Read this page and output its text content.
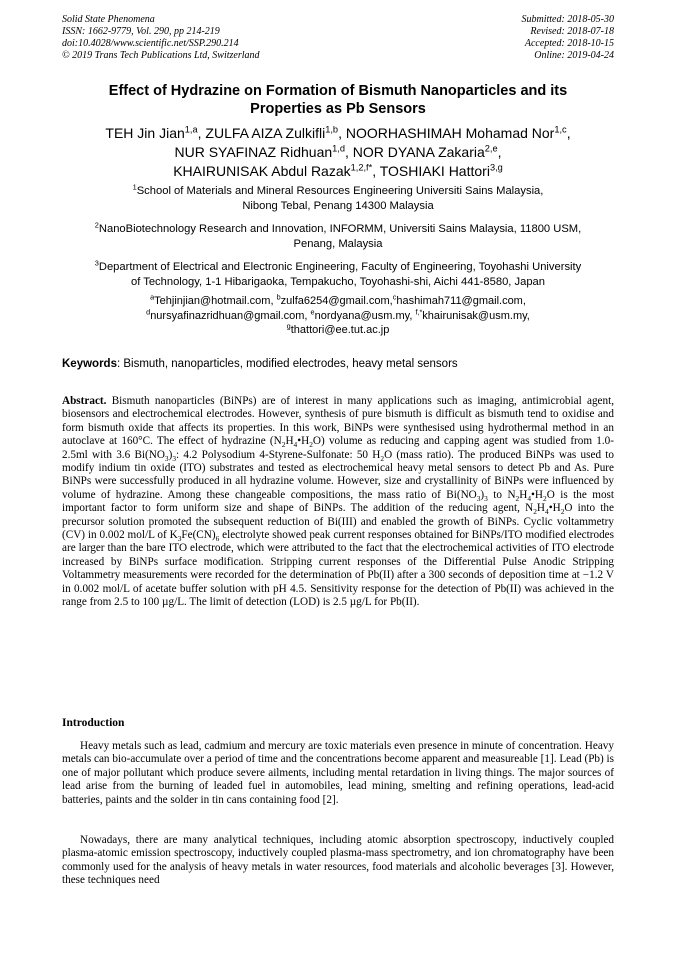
Solid State Phenomena
ISSN: 1662-9779, Vol. 290, pp 214-219
doi:10.4028/www.scientific.net/SSP.290.214
© 2019 Trans Tech Publications Ltd, Switzerland
Submitted: 2018-05-30
Revised: 2018-07-18
Accepted: 2018-10-15
Online: 2019-04-24
Effect of Hydrazine on Formation of Bismuth Nanoparticles and its
Properties as Pb Sensors
TEH Jin Jian$^{1,a}$, ZULFA AIZA Zulkifli$^{1,b}$, NOORHASHIMAH Mohamad Nor$^{1,c}$,
NUR SYAFINAZ Ridhuan$^{1,d}$, NOR DYANA Zakaria$^{2,e}$,
KHAIRUNISAK Abdul Razak$^{1,2,f*}$, TOSHIAKI Hattori$^{3,g}$
$^1$School of Materials and Mineral Resources Engineering Universiti Sains Malaysia,
Nibong Tebal, Penang 14300 Malaysia
$^2$NanoBiotechnology Research and Innovation, INFORMM, Universiti Sains Malaysia, 11800 USM,
Penang, Malaysia
$^3$Department of Electrical and Electronic Engineering, Faculty of Engineering, Toyohashi University
of Technology, 1-1 Hibarigaoka, Tempakucho, Toyohashi-shi, Aichi 441-8580, Japan
$^a$Tehjinjian@hotmail.com, $^b$zulfa6254@gmail.com,$^c$hashimah711@gmail.com,
$^d$nursyafinazridhuan@gmail.com, $^e$nordyana@usm.my, $^{f,*}$khairunisak@usm.my,
$^g$thattori@ee.tut.ac.jp
Keywords: Bismuth, nanoparticles, modified electrodes, heavy metal sensors

Abstract. Bismuth nanoparticles (BiNPs) are of interest in many applications such as imaging, antimicrobial agent, biosensors and electrochemical electrodes. However, synthesis of pure bismuth is difficult as bismuth tend to oxidise and form bismuth oxide that affects its properties. In this work, BiNPs were synthesised using hydrothermal method in an autoclave at 160°C. The effect of hydrazine $(N_2H_4•H_2O)$ volume as reducing and capping agent was studied from 1.0-2.5ml with 3.6 $Bi(NO_3)_3$: 4.2 Polysodium 4-Styrene-Sulfonate: 50 $H_2O$ (mass ratio). The produced BiNPs was used to modify indium tin oxide (ITO) substrates and tested as electrochemical heavy metal sensors to detect Pb and As. Pure BiNPs were successfully produced in all hydrazine volume. However, size and crystallinity of BiNPs were influenced by volume of hydrazine. Among these changeable compositions, the mass ratio of $Bi(NO_3)_3$ to $N_2H_4•H_2O$ is the most important factor to form uniform size and shape of BiNPs. The addition of the reducing agent, $N_2H_4•H_2O$ into the precursor solution promoted the subsequent reduction of Bi(III) and enabled the growth of BiNPs. Cyclic voltammetry (CV) in 0.002 mol/L of $K_3Fe(CN)_6$ electrolyte showed peak current responses obtained for BiNPs/ITO modified electrodes are larger than the bare ITO electrode, which were attributed to the fact that the electrochemical activities of ITO electrode increased by BiNPs surface modification. Stripping current responses of the Differential Pulse Anodic Stripping Voltammetry measurements were recorded for the determination of Pb(II) after a 300 seconds of deposition time at −1.2 V in 0.002 mol/L of acetate buffer solution with pH 4.5. Sensitivity response for the detection of Pb(II) was achieved in the range from 2.5 to 100 µg/L. The limit of detection (LOD) is 2.5 µg/L for Pb(II).

Introduction

Heavy metals such as lead, cadmium and mercury are toxic materials even presence in minute of concentration. Heavy metals can bio-accumulate over a period of time and the concentrations become apparent and measureable [1]. Lead (Pb) is one of major pollutant which produce severe ailments, including mental retardation in living things. The major sources of lead arise from the burning of leaded fuel in automobiles, lead mining, smelting and refining operations, lead-acid batteries, paints and the solder in tin cans containing food [2].

Nowadays, there are many analytical techniques, including atomic absorption spectroscopy, inductively coupled plasma-atomic emission spectroscopy, inductively coupled plasma-mass spectrometry, and ion chromatography have been commonly used for the analysis of heavy metals in water resources, food materials and alcoholic beverages [3]. However, these techniques need
